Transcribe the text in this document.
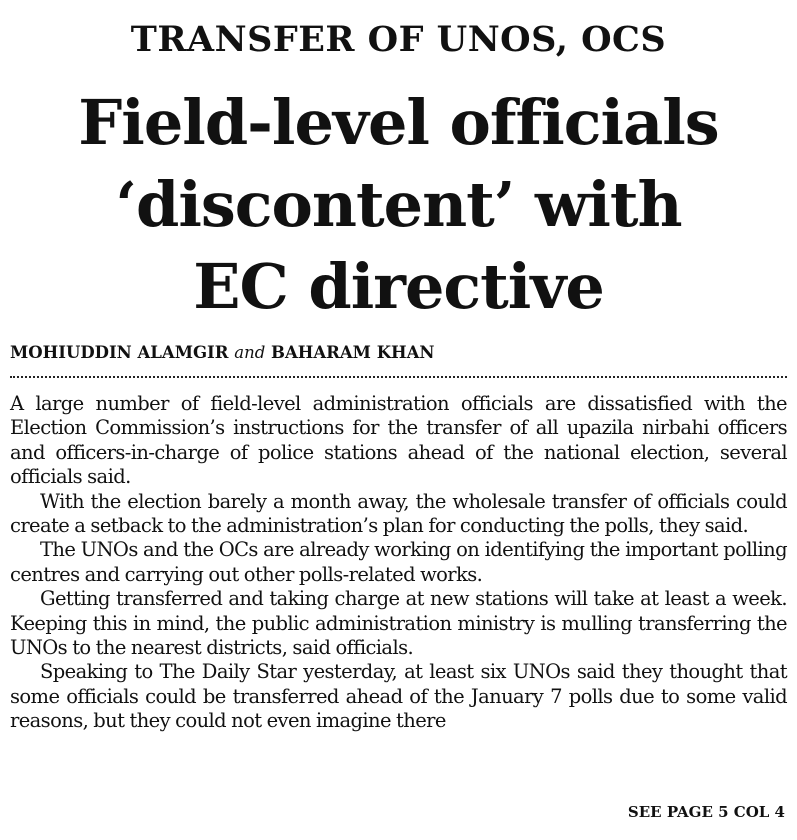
TRANSFER OF UNOS, OCS
Field-level officials
‘discontent’ with
EC directive
MOHIUDDIN ALAMGIR and BAHARAM KHAN

A large number of field-level administration officials are dissatisfied with the Election Commission’s instructions for the transfer of all upazila nirbahi officers and officers-in-charge of police stations ahead of the national election, several officials said.

With the election barely a month away, the wholesale transfer of officials could create a setback to the administration’s plan for conducting the polls, they said.

The UNOs and the OCs are already working on identifying the important polling centres and carrying out other polls-related works.

Getting transferred and taking charge at new stations will take at least a week. Keeping this in mind, the public administration ministry is mulling transferring the UNOs to the nearest districts, said officials.

Speaking to The Daily Star yesterday, at least six UNOs said they thought that some officials could be transferred ahead of the January 7 polls due to some valid reasons, but they could not even imagine there

SEE PAGE 5 COL 4
